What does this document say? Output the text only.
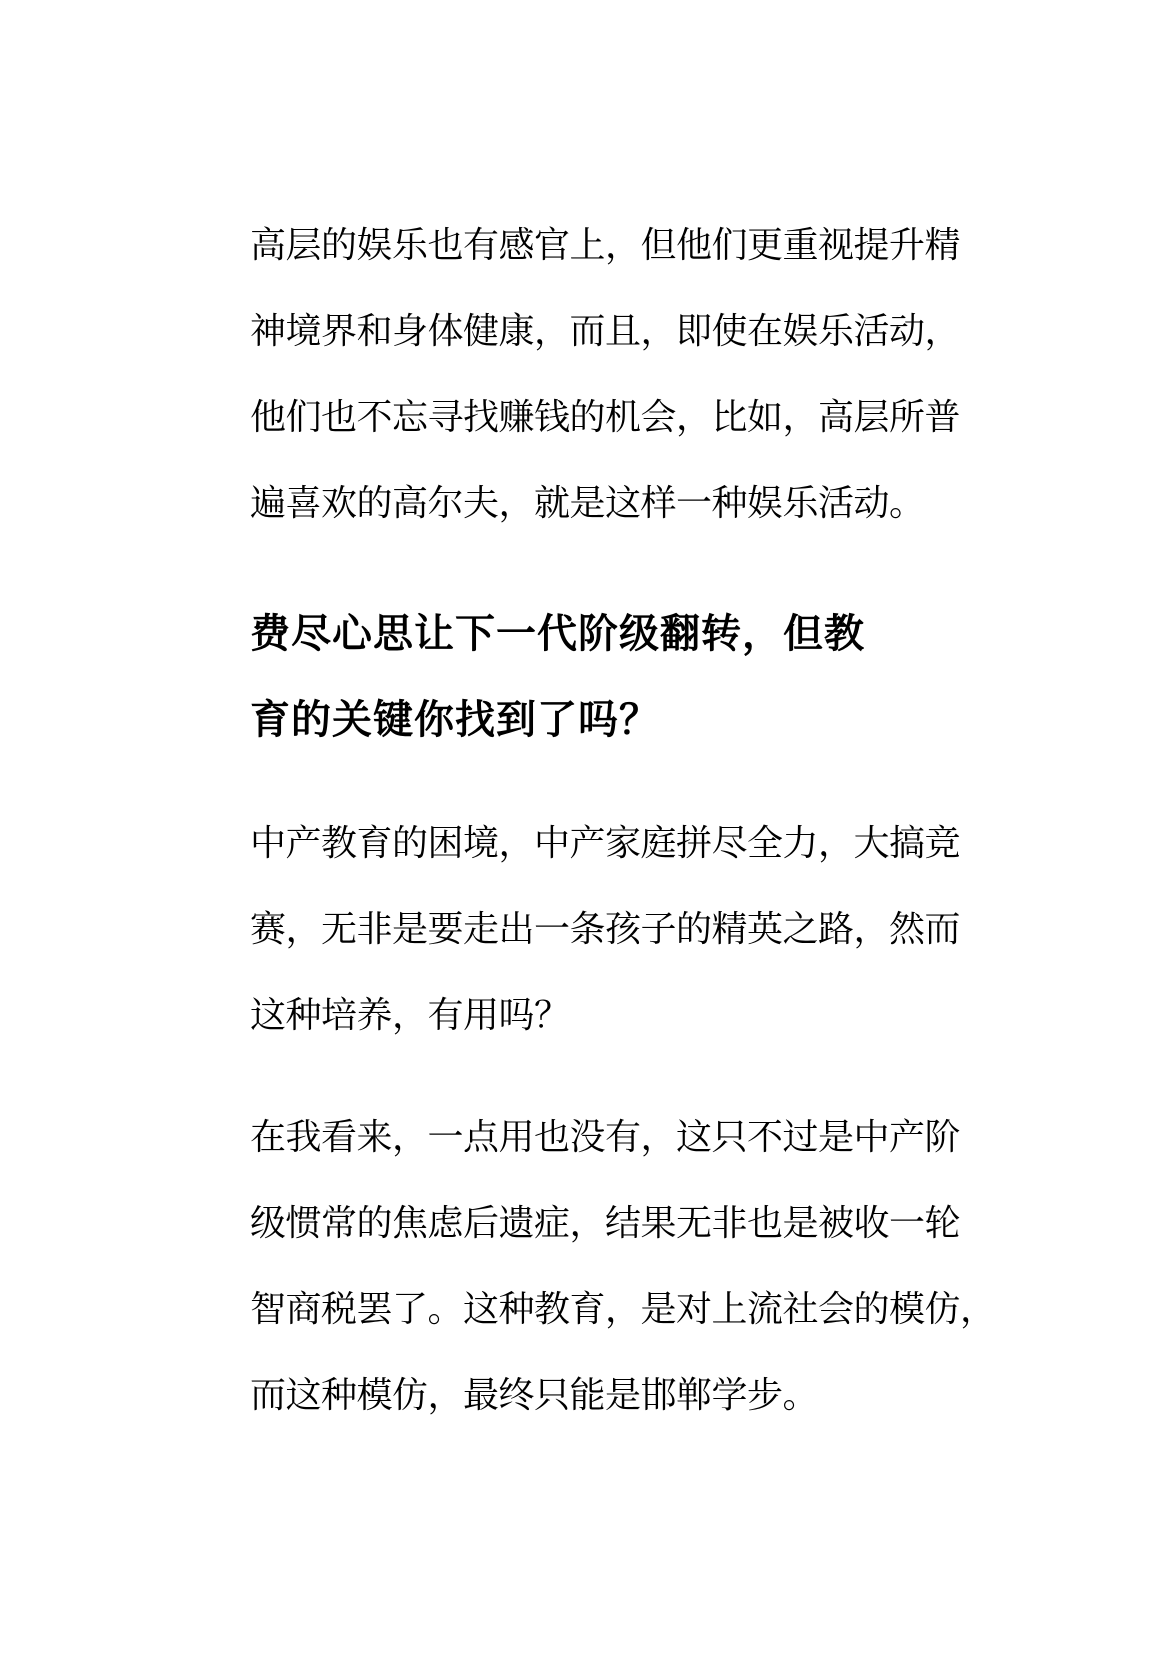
高层的娱乐也有感官上，但他们更重视提升精
神境界和身体健康，而且，即使在娱乐活动，
他们也不忘寻找赚钱的机会，比如，高层所普
遍喜欢的高尔夫，就是这样一种娱乐活动。
费尽心思让下一代阶级翻转，但教
育的关键你找到了吗？
中产教育的困境，中产家庭拼尽全力，大搞竞
赛，无非是要走出一条孩子的精英之路，然而
这种培养，有用吗？
在我看来，一点用也没有，这只不过是中产阶
级惯常的焦虑后遗症，结果无非也是被收一轮
智商税罢了。这种教育，是对上流社会的模仿，
而这种模仿，最终只能是邯郸学步。
